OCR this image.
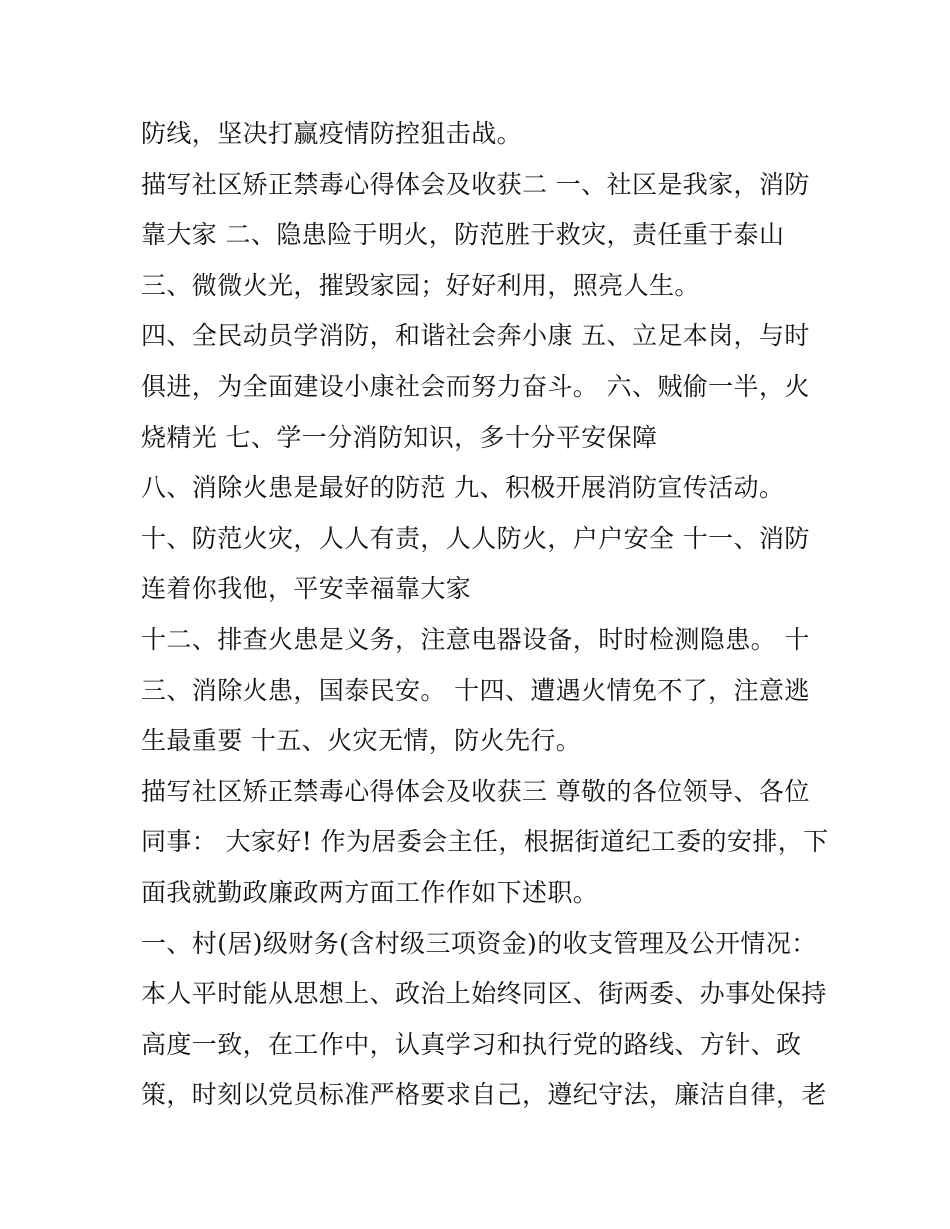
防线，坚决打赢疫情防控狙击战。
描写社区矫正禁毒心得体会及收获二 一、社区是我家，消防
靠大家 二、隐患险于明火，防范胜于救灾，责任重于泰山
三、微微火光，摧毁家园；好好利用，照亮人生。
四、全民动员学消防，和谐社会奔小康 五、立足本岗，与时
俱进，为全面建设小康社会而努力奋斗。 六、贼偷一半，火
烧精光 七、学一分消防知识，多十分平安保障
八、消除火患是最好的防范 九、积极开展消防宣传活动。
十、防范火灾，人人有责，人人防火，户户安全 十一、消防
连着你我他，平安幸福靠大家
十二、排查火患是义务，注意电器设备，时时检测隐患。 十
三、消除火患，国泰民安。 十四、遭遇火情免不了，注意逃
生最重要 十五、火灾无情，防火先行。
描写社区矫正禁毒心得体会及收获三 尊敬的各位领导、各位
同事： 大家好! 作为居委会主任，根据街道纪工委的安排，下
面我就勤政廉政两方面工作作如下述职。
一、村(居)级财务(含村级三项资金)的收支管理及公开情况：
本人平时能从思想上、政治上始终同区、街两委、办事处保持
高度一致，在工作中，认真学习和执行党的路线、方针、政
策，时刻以党员标准严格要求自己，遵纪守法，廉洁自律，老
